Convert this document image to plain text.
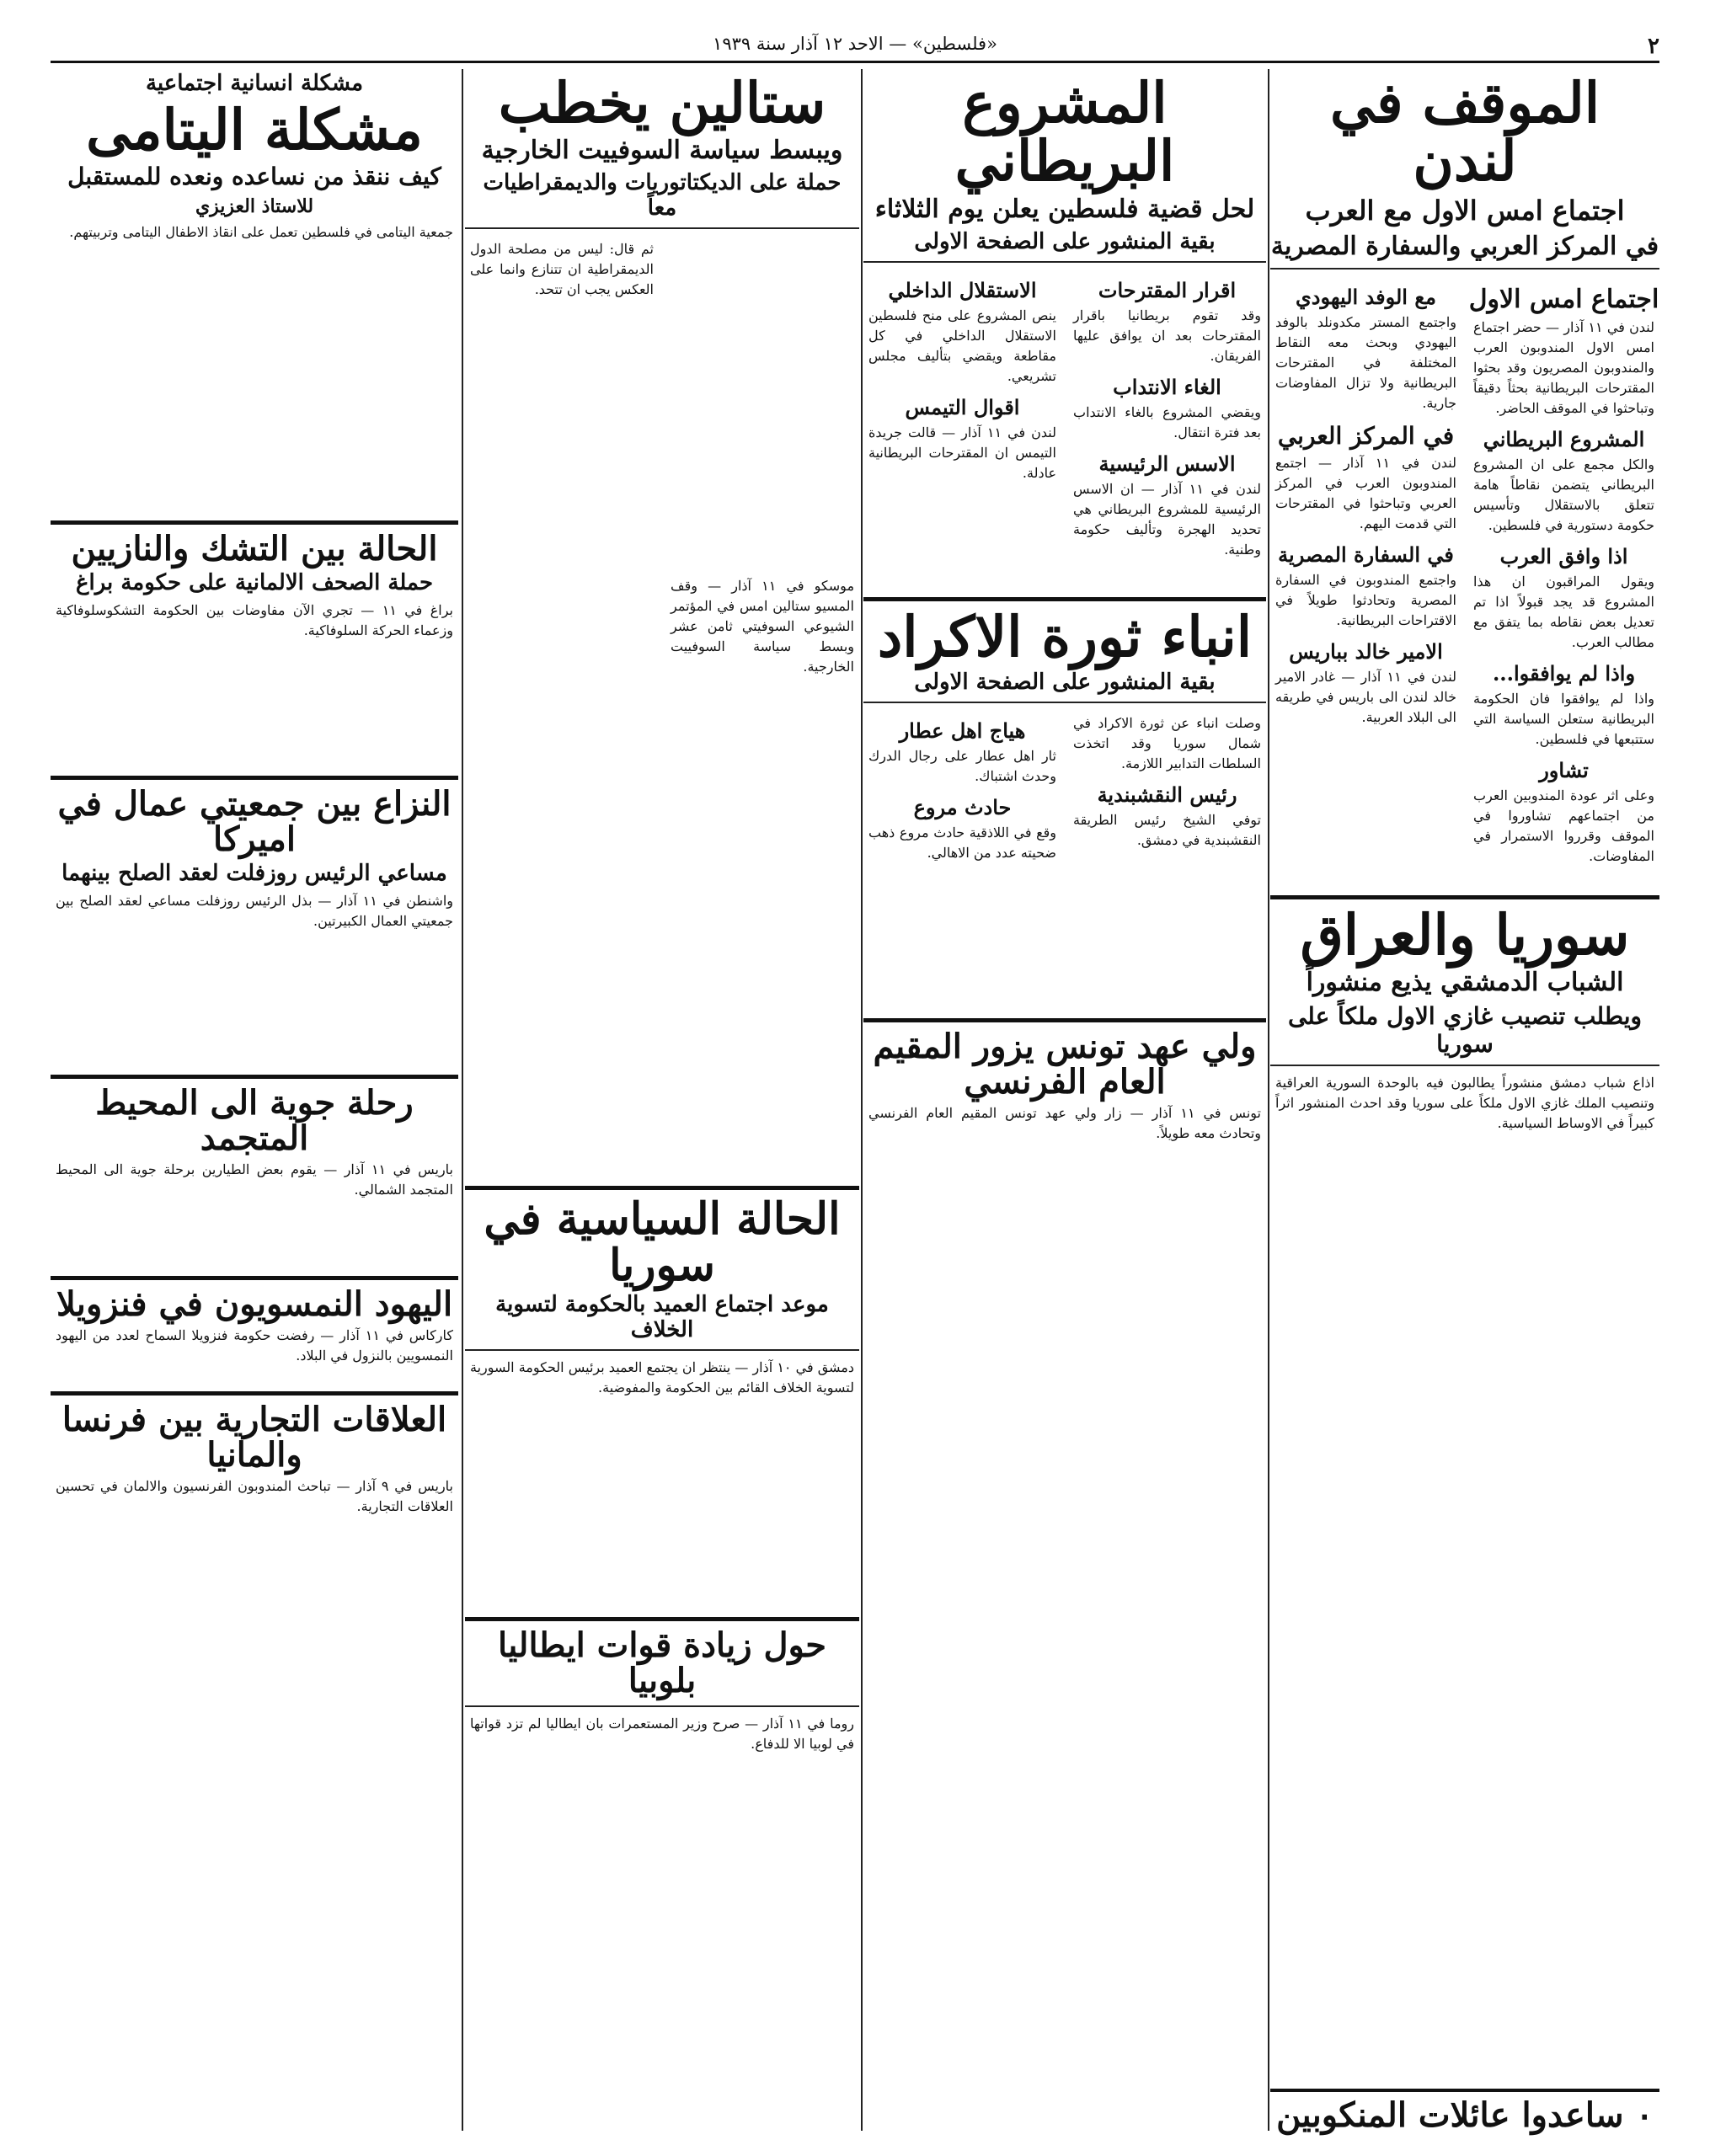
٢
«فلسطين» — الاحد ١٢ آذار سنة ١٩٣٩
الموقف في لندن
اجتماع امس الاول مع العرب
في المركز العربي والسفارة المصرية
اجتماع امس الاول
لندن في ١١ آذار — حضر اجتماع امس الاول المندوبون العرب والمندوبون المصريون وقد بحثوا المقترحات البريطانية بحثاً دقيقاً وتباحثوا في الموقف الحاضر.
المشروع البريطاني
والكل مجمع على ان المشروع البريطاني يتضمن نقاطاً هامة تتعلق بالاستقلال وتأسيس حكومة دستورية في فلسطين.
اذا وافق العرب
ويقول المراقبون ان هذا المشروع قد يجد قبولاً اذا تم تعديل بعض نقاطه بما يتفق مع مطالب العرب.
واذا لم يوافقوا...
واذا لم يوافقوا فان الحكومة البريطانية ستعلن السياسة التي ستتبعها في فلسطين.
تشاور
وعلى اثر عودة المندوبين العرب من اجتماعهم تشاوروا في الموقف وقرروا الاستمرار في المفاوضات.
مع الوفد اليهودي
واجتمع المستر مكدونلد بالوفد اليهودي وبحث معه النقاط المختلفة في المقترحات البريطانية ولا تزال المفاوضات جارية.
في المركز العربي
لندن في ١١ آذار — اجتمع المندوبون العرب في المركز العربي وتباحثوا في المقترحات التي قدمت اليهم.
في السفارة المصرية
واجتمع المندوبون في السفارة المصرية وتحادثوا طويلاً في الاقتراحات البريطانية.
الامير خالد بباريس
لندن في ١١ آذار — غادر الامير خالد لندن الى باريس في طريقه الى البلاد العربية.
سوريا والعراق
الشباب الدمشقي يذيع منشوراً
ويطلب تنصيب غازي الاول ملكاً على سوريا
اذاع شباب دمشق منشوراً يطالبون فيه بالوحدة السورية العراقية وتنصيب الملك غازي الاول ملكاً على سوريا وقد احدث المنشور اثراً كبيراً في الاوساط السياسية.
٠ ساعدوا عائلات المنكوبين
المشروع البريطاني
لحل قضية فلسطين يعلن يوم الثلاثاء
بقية المنشور على الصفحة الاولى
اقرار المقترحات
وقد تقوم بريطانيا باقرار المقترحات بعد ان يوافق عليها الفريقان.
الغاء الانتداب
ويقضي المشروع بالغاء الانتداب بعد فترة انتقال.
الاسس الرئيسية
لندن في ١١ آذار — ان الاسس الرئيسية للمشروع البريطاني هي تحديد الهجرة وتأليف حكومة وطنية.
الاستقلال الداخلي
ينص المشروع على منح فلسطين الاستقلال الداخلي في كل مقاطعة ويقضي بتأليف مجلس تشريعي.
اقوال التيمس
لندن في ١١ آذار — قالت جريدة التيمس ان المقترحات البريطانية عادلة.
انباء ثورة الاكراد
بقية المنشور على الصفحة الاولى
وصلت انباء عن ثورة الاكراد في شمال سوريا وقد اتخذت السلطات التدابير اللازمة.
رئيس النقشبندية
توفي الشيخ رئيس الطريقة النقشبندية في دمشق.
هياج اهل عطار
ثار اهل عطار على رجال الدرك وحدث اشتباك.
حادث مروع
وقع في اللاذقية حادث مروع ذهب ضحيته عدد من الاهالي.
ولي عهد تونس يزور المقيم العام الفرنسي
تونس في ١١ آذار — زار ولي عهد تونس المقيم العام الفرنسي وتحادث معه طويلاً.
ستالين يخطب
ويبسط سياسة السوفييت الخارجية
حملة على الديكتاتوريات والديمقراطيات معاً
موسكو في ١١ آذار — وقف المسيو ستالين امس في المؤتمر الشيوعي السوفيتي ثامن عشر وبسط سياسة السوفييت الخارجية.
ثم قال: ليس من مصلحة الدول الديمقراطية ان تتنازع وانما على العكس يجب ان تتحد.
الحالة السياسية في سوريا
موعد اجتماع العميد بالحكومة لتسوية الخلاف
دمشق في ١٠ آذار — ينتظر ان يجتمع العميد برئيس الحكومة السورية لتسوية الخلاف القائم بين الحكومة والمفوضية.
حول زيادة قوات ايطاليا بلوبيا
روما في ١١ آذار — صرح وزير المستعمرات بان ايطاليا لم تزد قواتها في لوبيا الا للدفاع.
مشكلة انسانية اجتماعية
مشكلة اليتامى
كيف ننقذ من نساعده ونعده للمستقبل
للاستاذ العزيزي
جمعية اليتامى في فلسطين تعمل على انقاذ الاطفال اليتامى وتربيتهم.
الحالة بين التشك والنازيين
حملة الصحف الالمانية على حكومة براغ
براغ في ١١ — تجري الآن مفاوضات بين الحكومة التشكوسلوفاكية وزعماء الحركة السلوفاكية.
النزاع بين جمعيتي عمال في اميركا
مساعي الرئيس روزفلت لعقد الصلح بينهما
واشنطن في ١١ آذار — بذل الرئيس روزفلت مساعي لعقد الصلح بين جمعيتي العمال الكبيرتين.
رحلة جوية الى المحيط المتجمد
باريس في ١١ آذار — يقوم بعض الطيارين برحلة جوية الى المحيط المتجمد الشمالي.
اليهود النمسويون في فنزويلا
كاركاس في ١١ آذار — رفضت حكومة فنزويلا السماح لعدد من اليهود النمسويين بالنزول في البلاد.
العلاقات التجارية بين فرنسا والمانيا
باريس في ٩ آذار — تباحث المندوبون الفرنسيون والالمان في تحسين العلاقات التجارية.
